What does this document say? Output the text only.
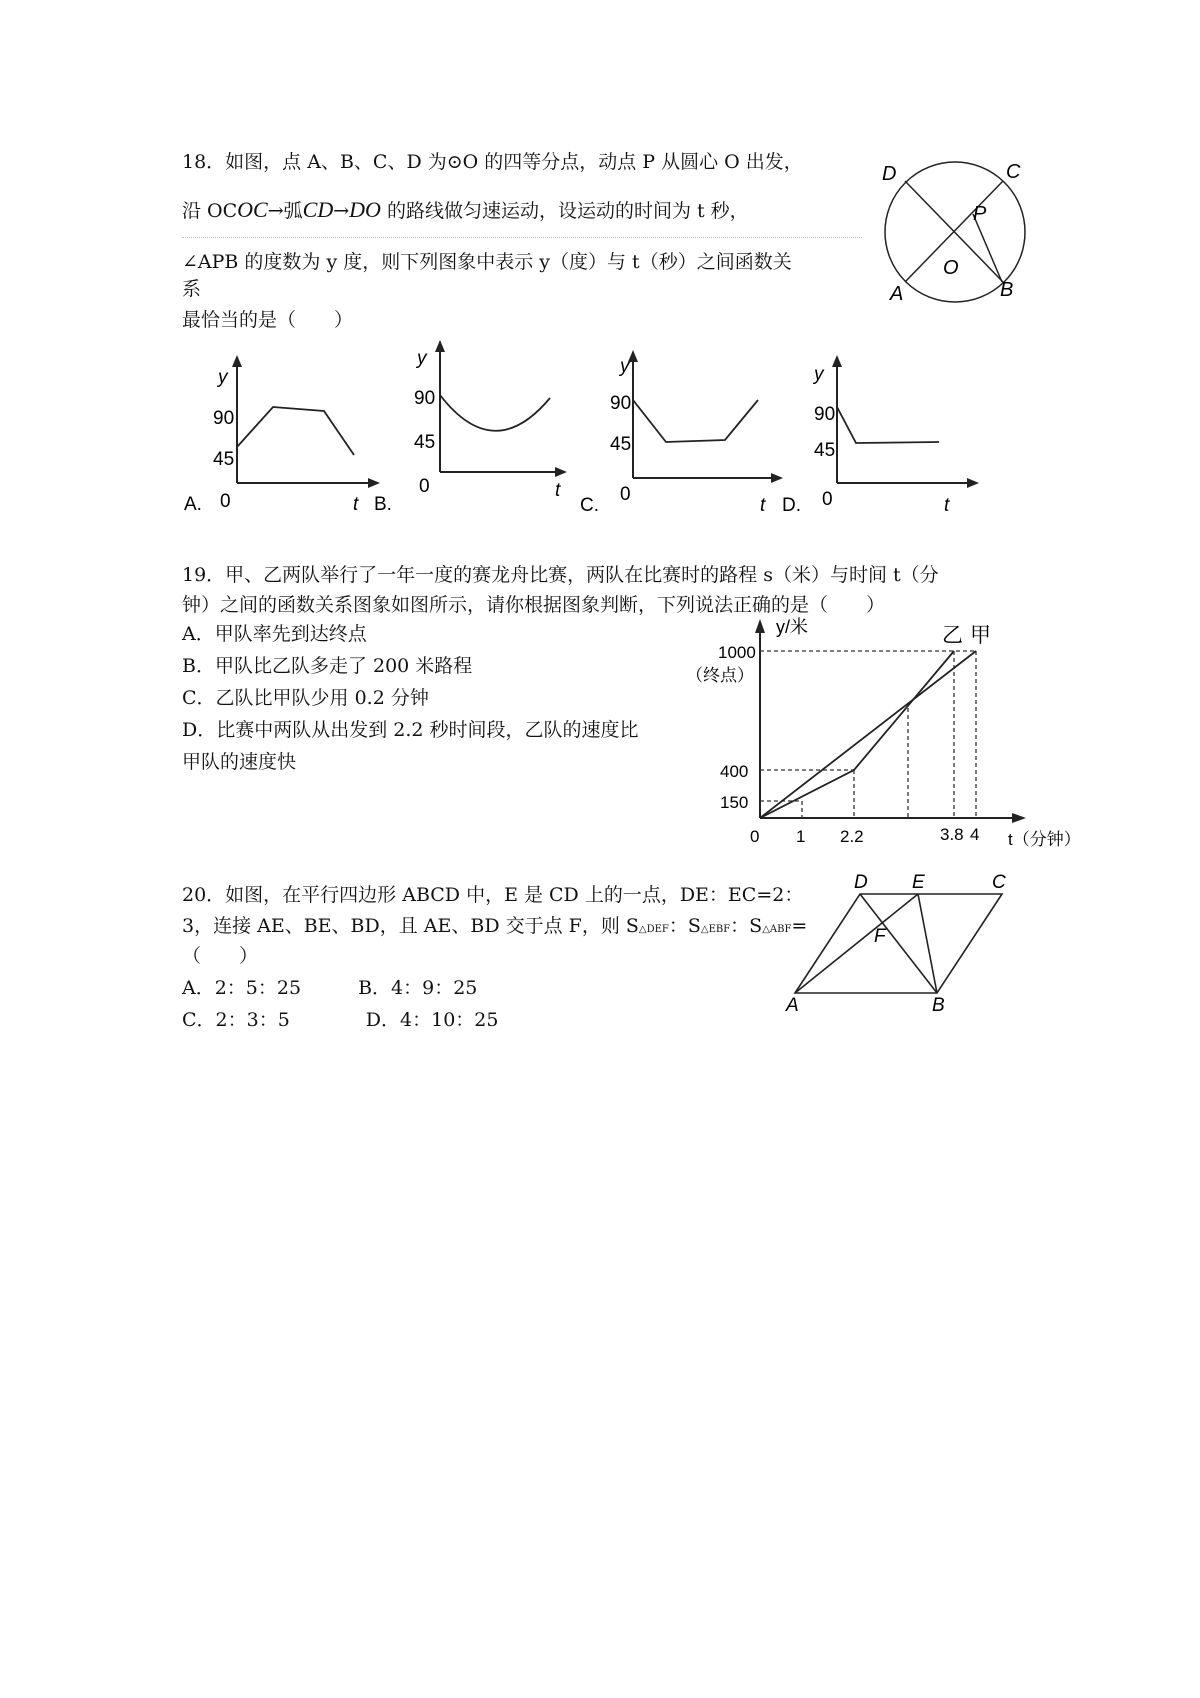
18．如图，点 A、B、C、D 为⊙O 的四等分点，动点 P 从圆心 O 出发，
沿 OCOC→弧CD→DO 的路线做匀速运动，设运动的时间为 t 秒，
∠APB 的度数为 y 度，则下列图象中表示 y（度）与 t（秒）之间函数关
系
最恰当的是（　　）
D	C
P
O
A	B
y
90
45
0	t
A.
y
90
45
0	t
B.
y
90
45
0
t
C.
y
90
45
0	t
D.
19．甲、乙两队举行了一年一度的赛龙舟比赛，两队在比赛时的路程 s（米）与时间 t（分
钟）之间的函数关系图象如图所示，请你根据图象判断，下列说法正确的是（　　）
A．甲队率先到达终点
B．甲队比乙队多走了 200 米路程
C．乙队比甲队少用 0.2 分钟
D．比赛中两队从出发到 2.2 秒时间段，乙队的速度比
甲队的速度快
y/米
1000
（终点）
400
150
0 1 2.2	3.8 4 t（分钟）
乙 甲
20．如图，在平行四边形 ABCD 中，E 是 CD 上的一点，DE：EC=2：
3，连接 AE、BE、BD，且 AE、BD 交于点 F，则 S△DEF：S△EBF：S△ABF=
（　　）
A．2：5：25　　　B．4：9：25
C．2：3：5　　　　D．4：10：25
D E	C
F
A	B
